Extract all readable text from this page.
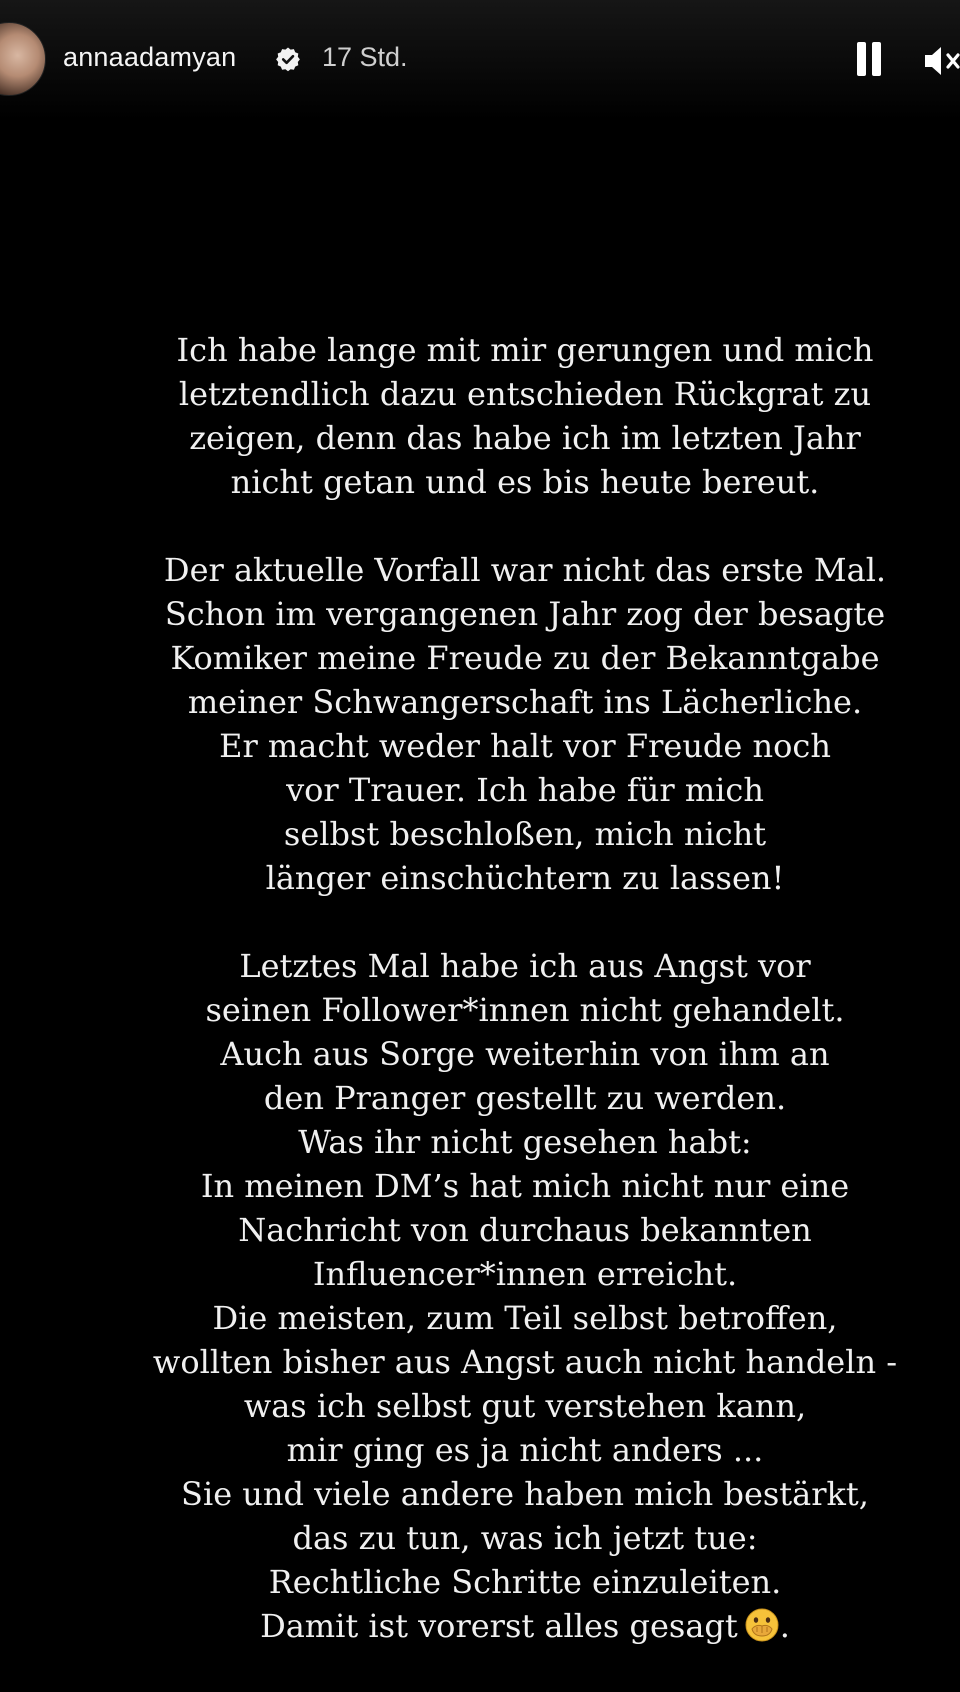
annaadamyan	17 Std.
Ich habe lange mit mir gerungen und mich
letztendlich dazu entschieden Rückgrat zu
zeigen, denn das habe ich im letzten Jahr
nicht getan und es bis heute bereut.
Der aktuelle Vorfall war nicht das erste Mal.
Schon im vergangenen Jahr zog der besagte
Komiker meine Freude zu der Bekanntgabe
meiner Schwangerschaft ins Lächerliche.
Er macht weder halt vor Freude noch
vor Trauer. Ich habe für mich
selbst beschloßen, mich nicht
länger einschüchtern zu lassen!
Letztes Mal habe ich aus Angst vor
seinen Follower*innen nicht gehandelt.
Auch aus Sorge weiterhin von ihm an
den Pranger gestellt zu werden.
Was ihr nicht gesehen habt:
In meinen DM’s hat mich nicht nur eine
Nachricht von durchaus bekannten
Influencer*innen erreicht.
Die meisten, zum Teil selbst betroffen,
wollten bisher aus Angst auch nicht handeln -
was ich selbst gut verstehen kann,
mir ging es ja nicht anders ...
Sie und viele andere haben mich bestärkt,
das zu tun, was ich jetzt tue:
Rechtliche Schritte einzuleiten.
Damit ist vorerst alles gesagt .
